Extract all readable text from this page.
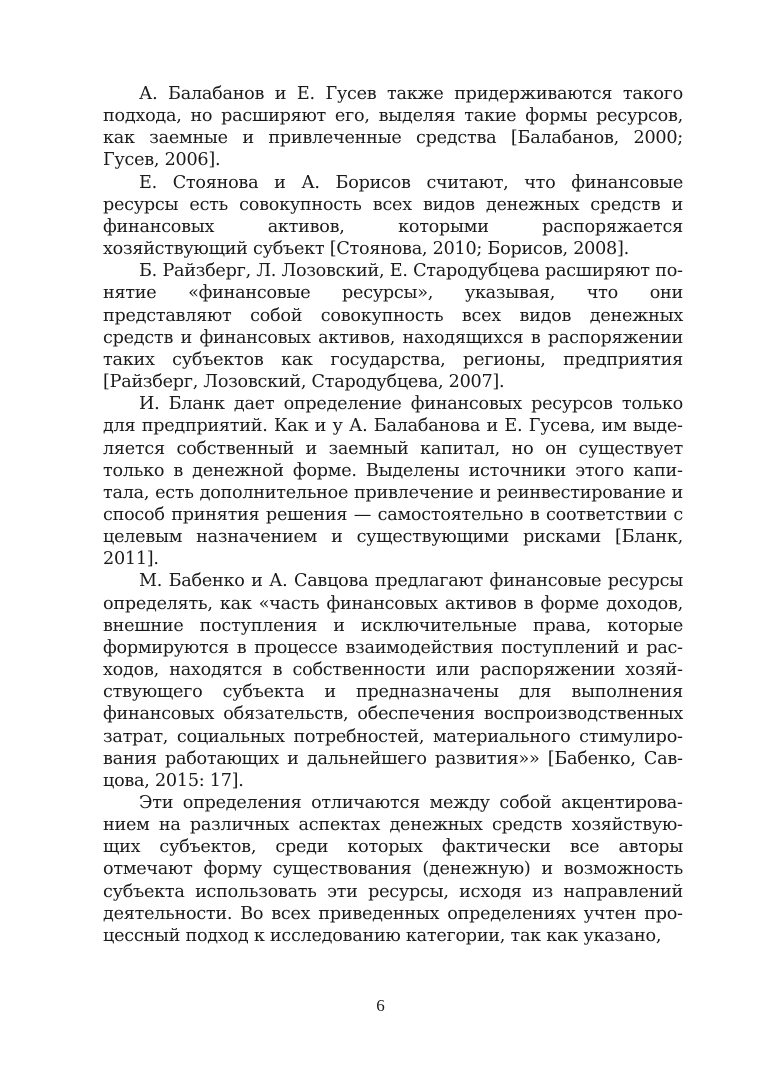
А. Балабанов и Е. Гусев также придерживаются такого подхода, но расширяют его, выделяя такие формы ресурсов, как заемные и привлеченные средства [Балабанов, 2000; Гусев, 2006].

Е. Стоянова и А. Борисов считают, что финансовые ресурсы есть совокупность всех видов денежных средств и финансовых активов, которыми распоряжается хозяйствующий субъект [Стоянова, 2010; Борисов, 2008].

Б. Райзберг, Л. Лозовский, Е. Стародубцева расширяют понятие «финансовые ресурсы», указывая, что они представляют собой совокупность всех видов денежных средств и финансовых активов, находящихся в распоряжении таких субъектов как государства, регионы, предприятия [Райзберг, Лозовский, Стародубцева, 2007].

И. Бланк дает определение финансовых ресурсов только для предприятий. Как и у А. Балабанова и Е. Гусева, им выделяется собственный и заемный капитал, но он существует только в денежной форме. Выделены источники этого капитала, есть дополнительное привлечение и реинвестирование и способ принятия решения — самостоятельно в соответствии с целевым назначением и существующими рисками [Бланк, 2011].

М. Бабенко и А. Савцова предлагают финансовые ресурсы определять, как «часть финансовых активов в форме доходов, внешние поступления и исключительные права, которые формируются в процессе взаимодействия поступлений и расходов, находятся в собственности или распоряжении хозяйствующего субъекта и предназначены для выполнения финансовых обязательств, обеспечения воспроизводственных затрат, социальных потребностей, материального стимулирования работающих и дальнейшего развития»» [Бабенко, Савцова, 2015: 17].

Эти определения отличаются между собой акцентированием на различных аспектах денежных средств хозяйствующих субъектов, среди которых фактически все авторы отмечают форму существования (денежную) и возможность субъекта использовать эти ресурсы, исходя из направлений деятельности. Во всех приведенных определениях учтен процессный подход к исследованию категории, так как указано,

6
